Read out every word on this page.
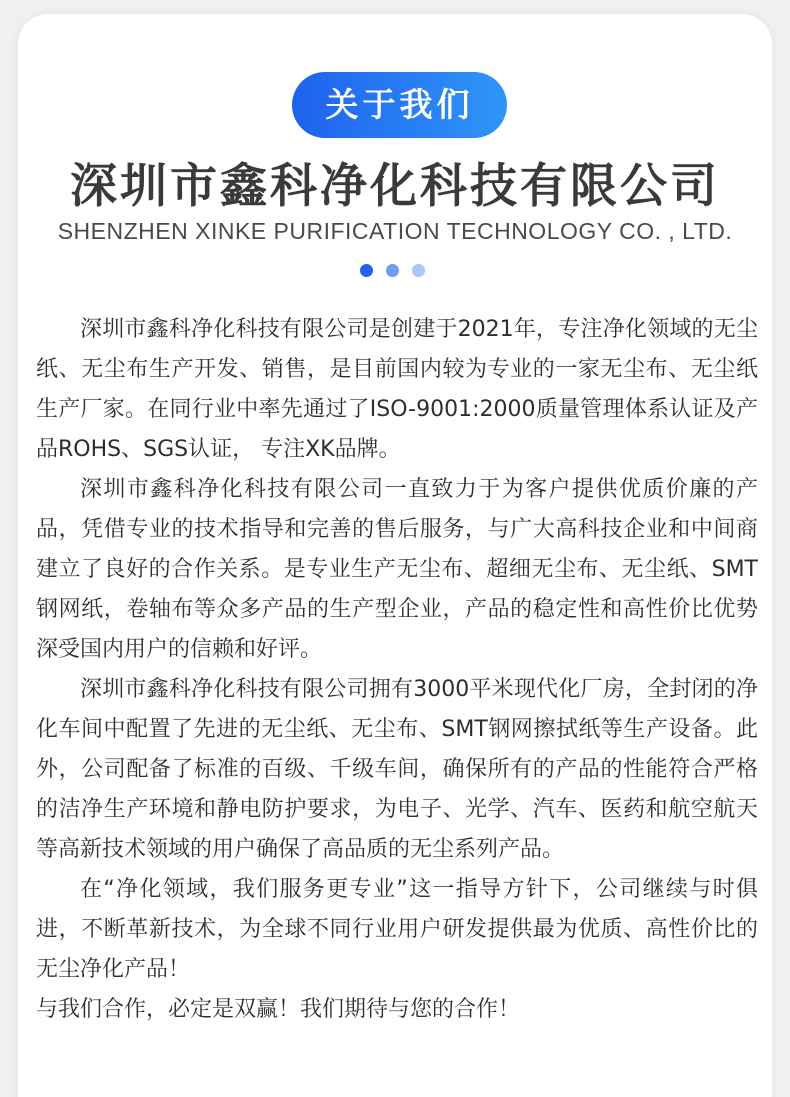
关于我们
深圳市鑫科净化科技有限公司
SHENZHEN XINKE PURIFICATION TECHNOLOGY CO. , LTD.

深圳市鑫科净化科技有限公司是创建于2021年，专注净化领域的无尘纸、无尘布生产开发、销售，是目前国内较为专业的一家无尘布、无尘纸生产厂家。在同行业中率先通过了ISO-9001:2000质量管理体系认证及产品ROHS、SGS认证， 专注XK品牌。

深圳市鑫科净化科技有限公司一直致力于为客户提供优质价廉的产品，凭借专业的技术指导和完善的售后服务，与广大高科技企业和中间商建立了良好的合作关系。是专业生产无尘布、超细无尘布、无尘纸、SMT钢网纸，卷轴布等众多产品的生产型企业，产品的稳定性和高性价比优势深受国内用户的信赖和好评。

深圳市鑫科净化科技有限公司拥有3000平米现代化厂房，全封闭的净化车间中配置了先进的无尘纸、无尘布、SMT钢网擦拭纸等生产设备。此外，公司配备了标准的百级、千级车间，确保所有的产品的性能符合严格的洁净生产环境和静电防护要求，为电子、光学、汽车、医药和航空航天等高新技术领域的用户确保了高品质的无尘系列产品。

在“净化领域，我们服务更专业”这一指导方针下，公司继续与时俱进，不断革新技术，为全球不同行业用户研发提供最为优质、高性价比的无尘净化产品！

与我们合作，必定是双赢！我们期待与您的合作！
